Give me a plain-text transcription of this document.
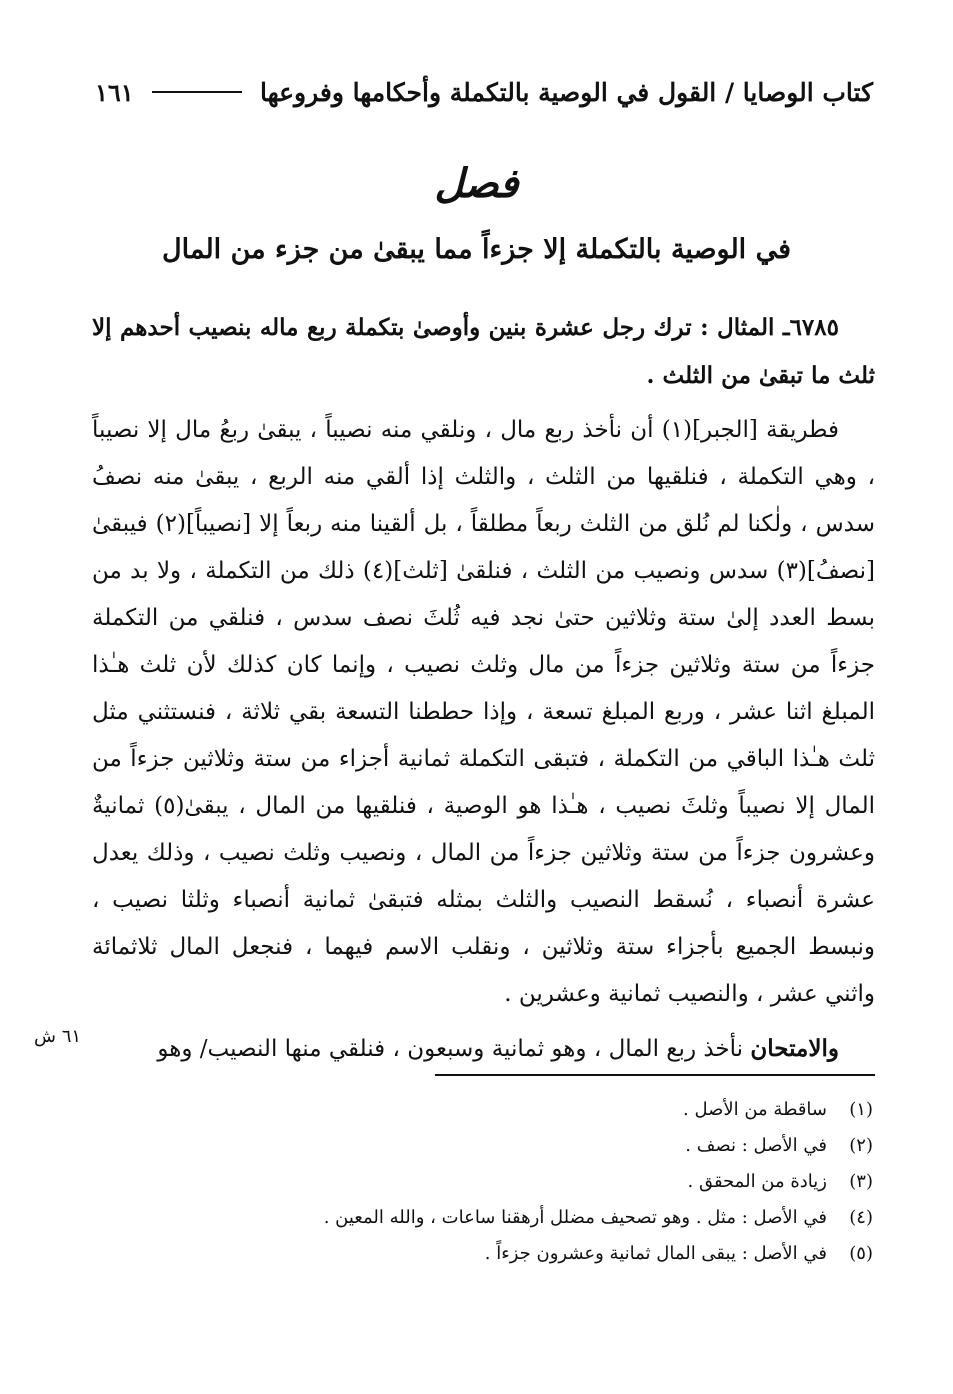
كتاب الوصايا / القول في الوصية بالتكملة وأحكامها وفروعها
١٦١
فصل
في الوصية بالتكملة إلا جزءاً مما يبقىٰ من جزء من المال

٦٧٨٥ـ المثال : ترك رجل عشرة بنين وأوصىٰ بتكملة ربع ماله بنصيب أحدهم إلا ثلث ما تبقىٰ من الثلث .

فطريقة [الجبر](١) أن نأخذ ربع مال ، ونلقي منه نصيباً ، يبقىٰ ربعُ مال إلا نصيباً ، وهي التكملة ، فنلقيها من الثلث ، والثلث إذا ألقي منه الربع ، يبقىٰ منه نصفُ سدس ، ولٰكنا لم نُلق من الثلث ربعاً مطلقاً ، بل ألقينا منه ربعاً إلا [نصيباً](٢) فيبقىٰ [نصفُ](٣) سدس ونصيب من الثلث ، فنلقىٰ [ثلث](٤) ذلك من التكملة ، ولا بد من بسط العدد إلىٰ ستة وثلاثين حتىٰ نجد فيه ثُلثَ نصف سدس ، فنلقي من التكملة جزءاً من ستة وثلاثين جزءاً من مال وثلث نصيب ، وإنما كان كذلك لأن ثلث هـٰذا المبلغ اثنا عشر ، وربع المبلغ تسعة ، وإذا حططنا التسعة بقي ثلاثة ، فنستثني مثل ثلث هـٰذا الباقي من التكملة ، فتبقى التكملة ثمانية أجزاء من ستة وثلاثين جزءاً من المال إلا نصيباً وثلثَ نصيب ، هـٰذا هو الوصية ، فنلقيها من المال ، يبقىٰ(٥) ثمانيةٌ وعشرون جزءاً من ستة وثلاثين جزءاً من المال ، ونصيب وثلث نصيب ، وذلك يعدل عشرة أنصباء ، نُسقط النصيب والثلث بمثله فتبقىٰ ثمانية أنصباء وثلثا نصيب ، ونبسط الجميع بأجزاء ستة وثلاثين ، ونقلب الاسم فيهما ، فنجعل المال ثلاثمائة واثني عشر ، والنصيب ثمانية وعشرين .

والامتحان نأخذ ربع المال ، وهو ثمانية وسبعون ، فنلقي منها النصيب/ وهو

٦١ ش
(١)
ساقطة من الأصل .
(٢)
في الأصل : نصف .
(٣)
زيادة من المحقق .
(٤)
في الأصل : مثل . وهو تصحيف مضلل أرهقنا ساعات ، والله المعين .
(٥)
في الأصل : يبقى المال ثمانية وعشرون جزءاً .
